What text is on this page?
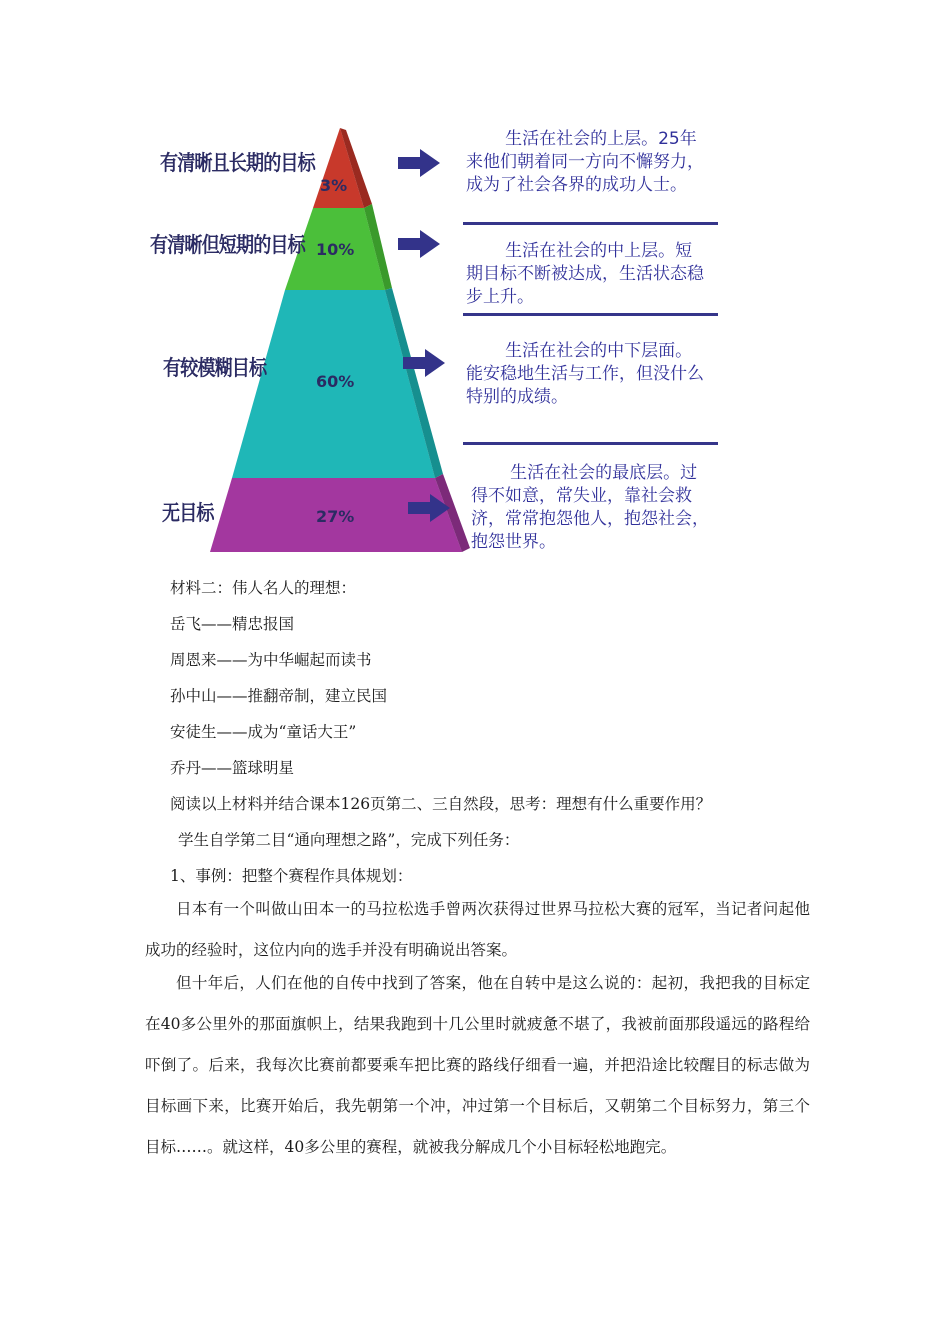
有清晰且长期的目标
有清晰但短期的目标
有较模糊目标
无目标
3%
10%
60%
27%

生活在社会的上层。25年来他们朝着同一方向不懈努力，成为了社会各界的成功人士。

生活在社会的中上层。短期目标不断被达成，生活状态稳步上升。

生活在社会的中下层面。能安稳地生活与工作，但没什么特别的成绩。

生活在社会的最底层。过得不如意，常失业，靠社会救济，常常抱怨他人，抱怨社会，抱怨世界。

材料二：伟人名人的理想：
岳飞——精忠报国
周恩来——为中华崛起而读书
孙中山——推翻帝制，建立民国
安徒生——成为“童话大王”
乔丹——篮球明星
阅读以上材料并结合课本126页第二、三自然段，思考：理想有什么重要作用？
学生自学第二目“通向理想之路”，完成下列任务：
1、事例：把整个赛程作具体规划：
日本有一个叫做山田本一的马拉松选手曾两次获得过世界马拉松大赛的冠军，当记者问起他成功的经验时，这位内向的选手并没有明确说出答案。
但十年后，人们在他的自传中找到了答案，他在自转中是这么说的：起初，我把我的目标定在40多公里外的那面旗帜上，结果我跑到十几公里时就疲惫不堪了，我被前面那段遥远的路程给吓倒了。后来，我每次比赛前都要乘车把比赛的路线仔细看一遍，并把沿途比较醒目的标志做为目标画下来，比赛开始后，我先朝第一个冲，冲过第一个目标后，又朝第二个目标努力，第三个目标……。就这样，40多公里的赛程，就被我分解成几个小目标轻松地跑完。
